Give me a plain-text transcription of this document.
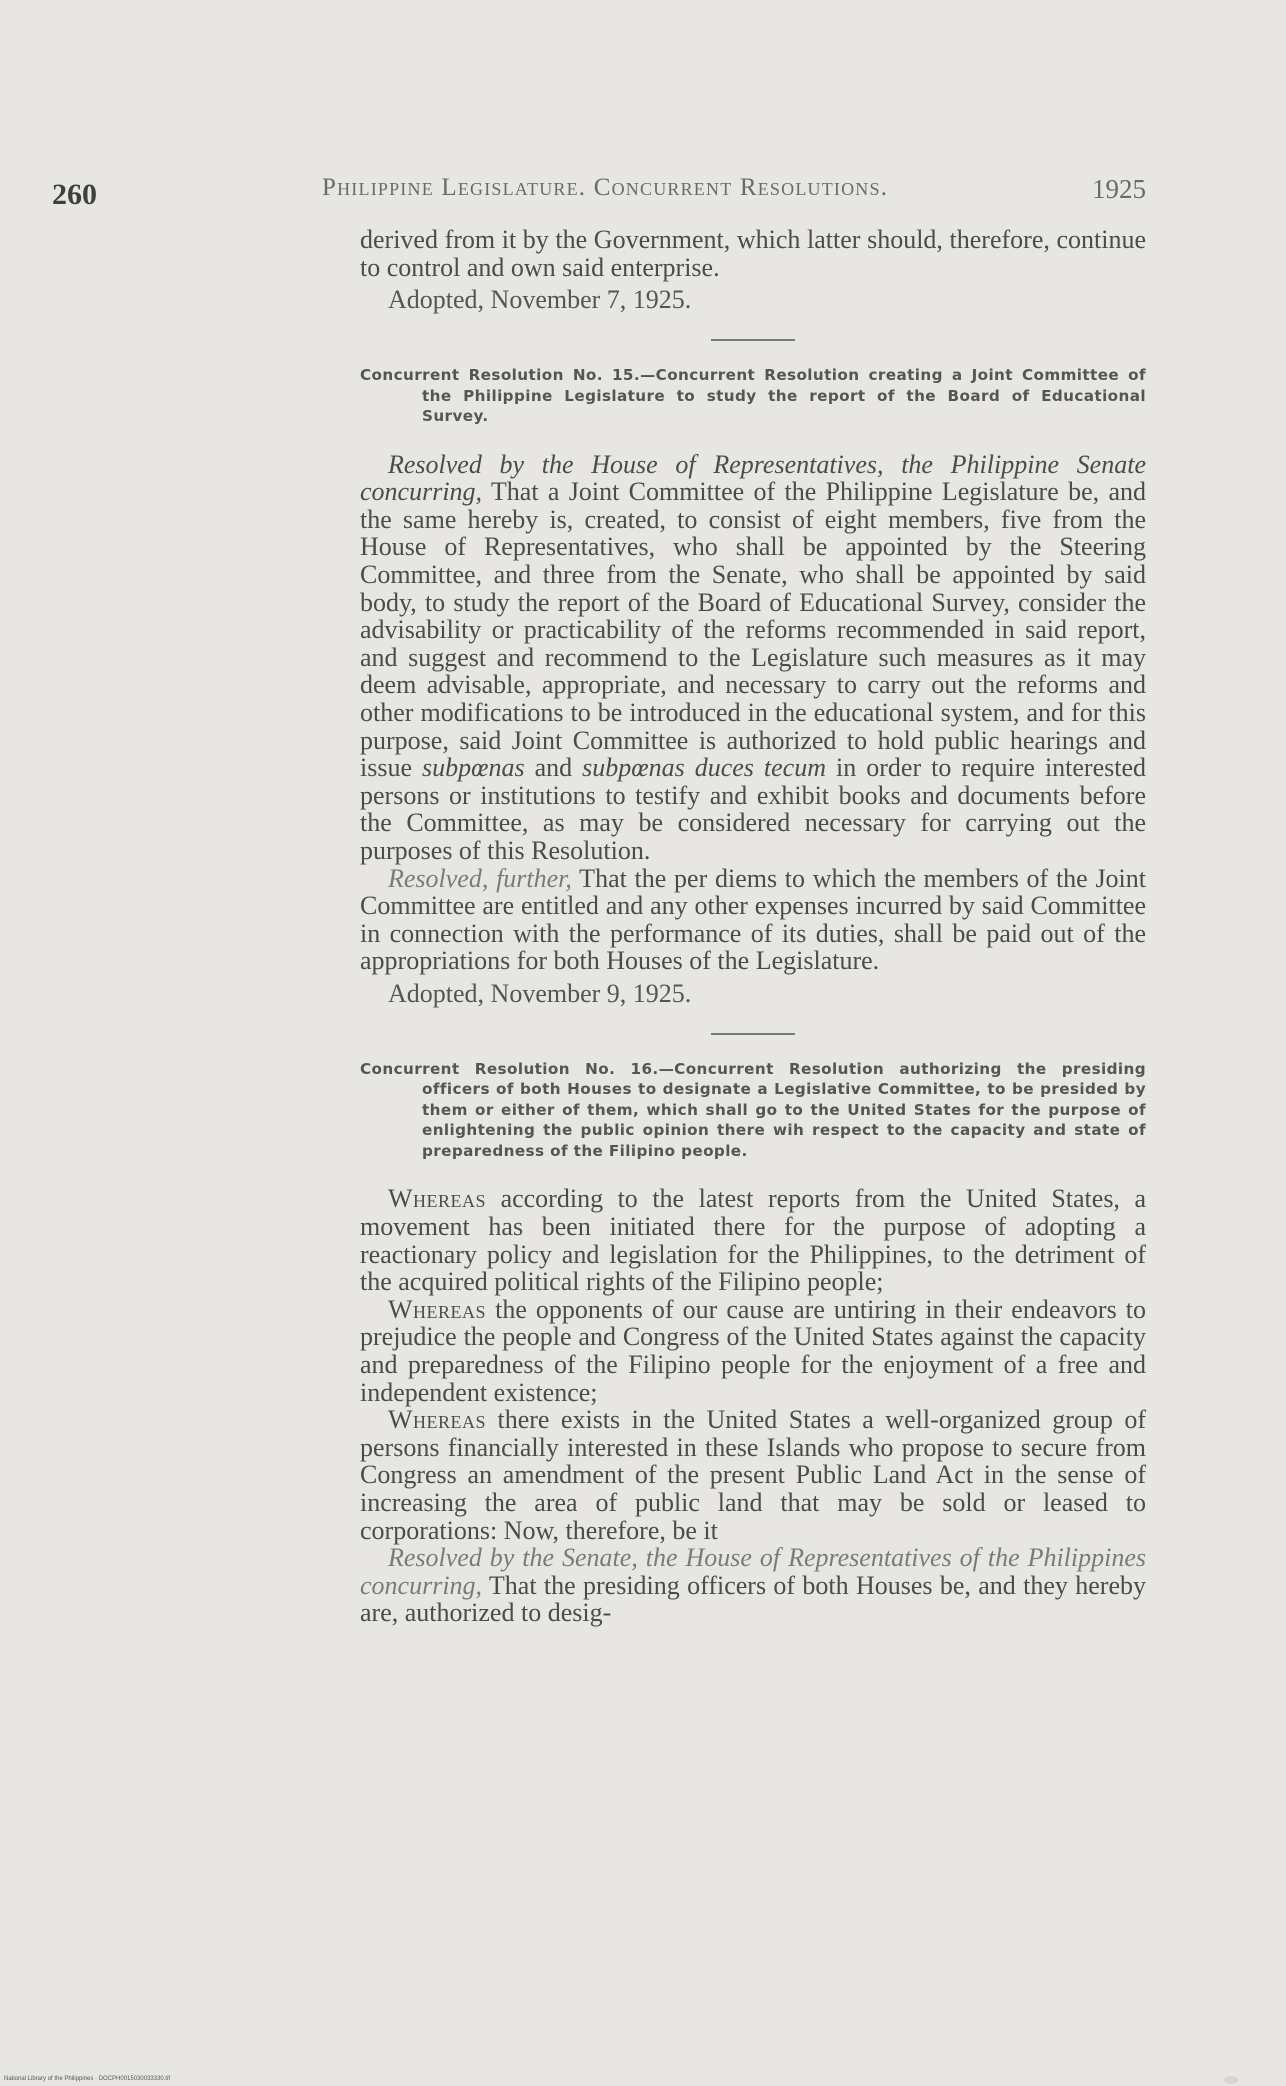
260	Philippine Legislature. Concurrent Resolutions.	1925

derived from it by the Government, which latter should, therefore, continue to control and own said enterprise.

Adopted, November 7, 1925.

Concurrent Resolution No. 15.—Concurrent Resolution creating a Joint Committee of the Philippine Legislature to study the report of the Board of Educational Survey.

Resolved by the House of Representatives, the Philippine Senate concurring, That a Joint Committee of the Philippine Legislature be, and the same hereby is, created, to consist of eight members, five from the House of Representatives, who shall be appointed by the Steering Committee, and three from the Senate, who shall be appointed by said body, to study the report of the Board of Educational Survey, consider the advisability or practicability of the reforms recommended in said report, and suggest and recommend to the Legislature such measures as it may deem advisable, appropriate, and necessary to carry out the reforms and other modifications to be introduced in the educational system, and for this purpose, said Joint Committee is authorized to hold public hearings and issue subpœnas and subpœnas duces tecum in order to require interested persons or institutions to testify and exhibit books and documents before the Committee, as may be considered necessary for carrying out the purposes of this Resolution.

Resolved, further, That the per diems to which the members of the Joint Committee are entitled and any other expenses incurred by said Committee in connection with the performance of its duties, shall be paid out of the appropriations for both Houses of the Legislature.

Adopted, November 9, 1925.

Concurrent Resolution No. 16.—Concurrent Resolution authorizing the presiding officers of both Houses to designate a Legislative Committee, to be presided by them or either of them, which shall go to the United States for the purpose of enlightening the public opinion there wih respect to the capacity and state of preparedness of the Filipino people.

Whereas according to the latest reports from the United States, a movement has been initiated there for the purpose of adopting a reactionary policy and legislation for the Philippines, to the detriment of the acquired political rights of the Filipino people;

Whereas the opponents of our cause are untiring in their endeavors to prejudice the people and Congress of the United States against the capacity and preparedness of the Filipino people for the enjoyment of a free and independent existence;

Whereas there exists in the United States a well-organized group of persons financially interested in these Islands who propose to secure from Congress an amendment of the present Public Land Act in the sense of increasing the area of public land that may be sold or leased to corporations: Now, therefore, be it

Resolved by the Senate, the House of Representatives of the Philippines concurring, That the presiding officers of both Houses be, and they hereby are, authorized to desig-

National Library of the Philippines · DOCPH0015030033330.tif
